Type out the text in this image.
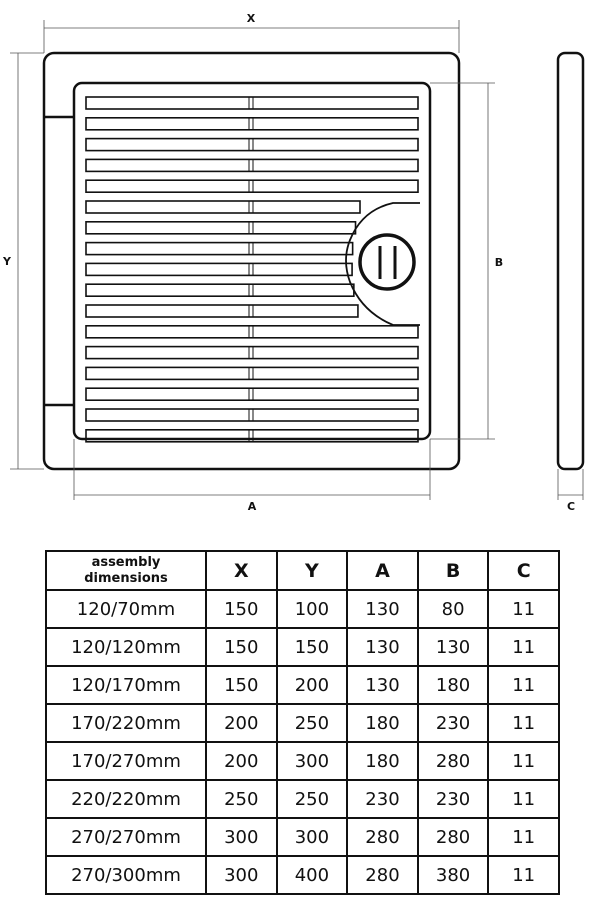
X
Y
A
B
C
assembly
dimensions	X	Y	A	B	C
120/70mm	150	100	130	80	11
120/120mm	150	150	130	130	11
120/170mm	150	200	130	180	11
170/220mm	200	250	180	230	11
170/270mm	200	300	180	280	11
220/220mm	250	250	230	230	11
270/270mm	300	300	280	280	11
270/300mm	300	400	280	380	11
